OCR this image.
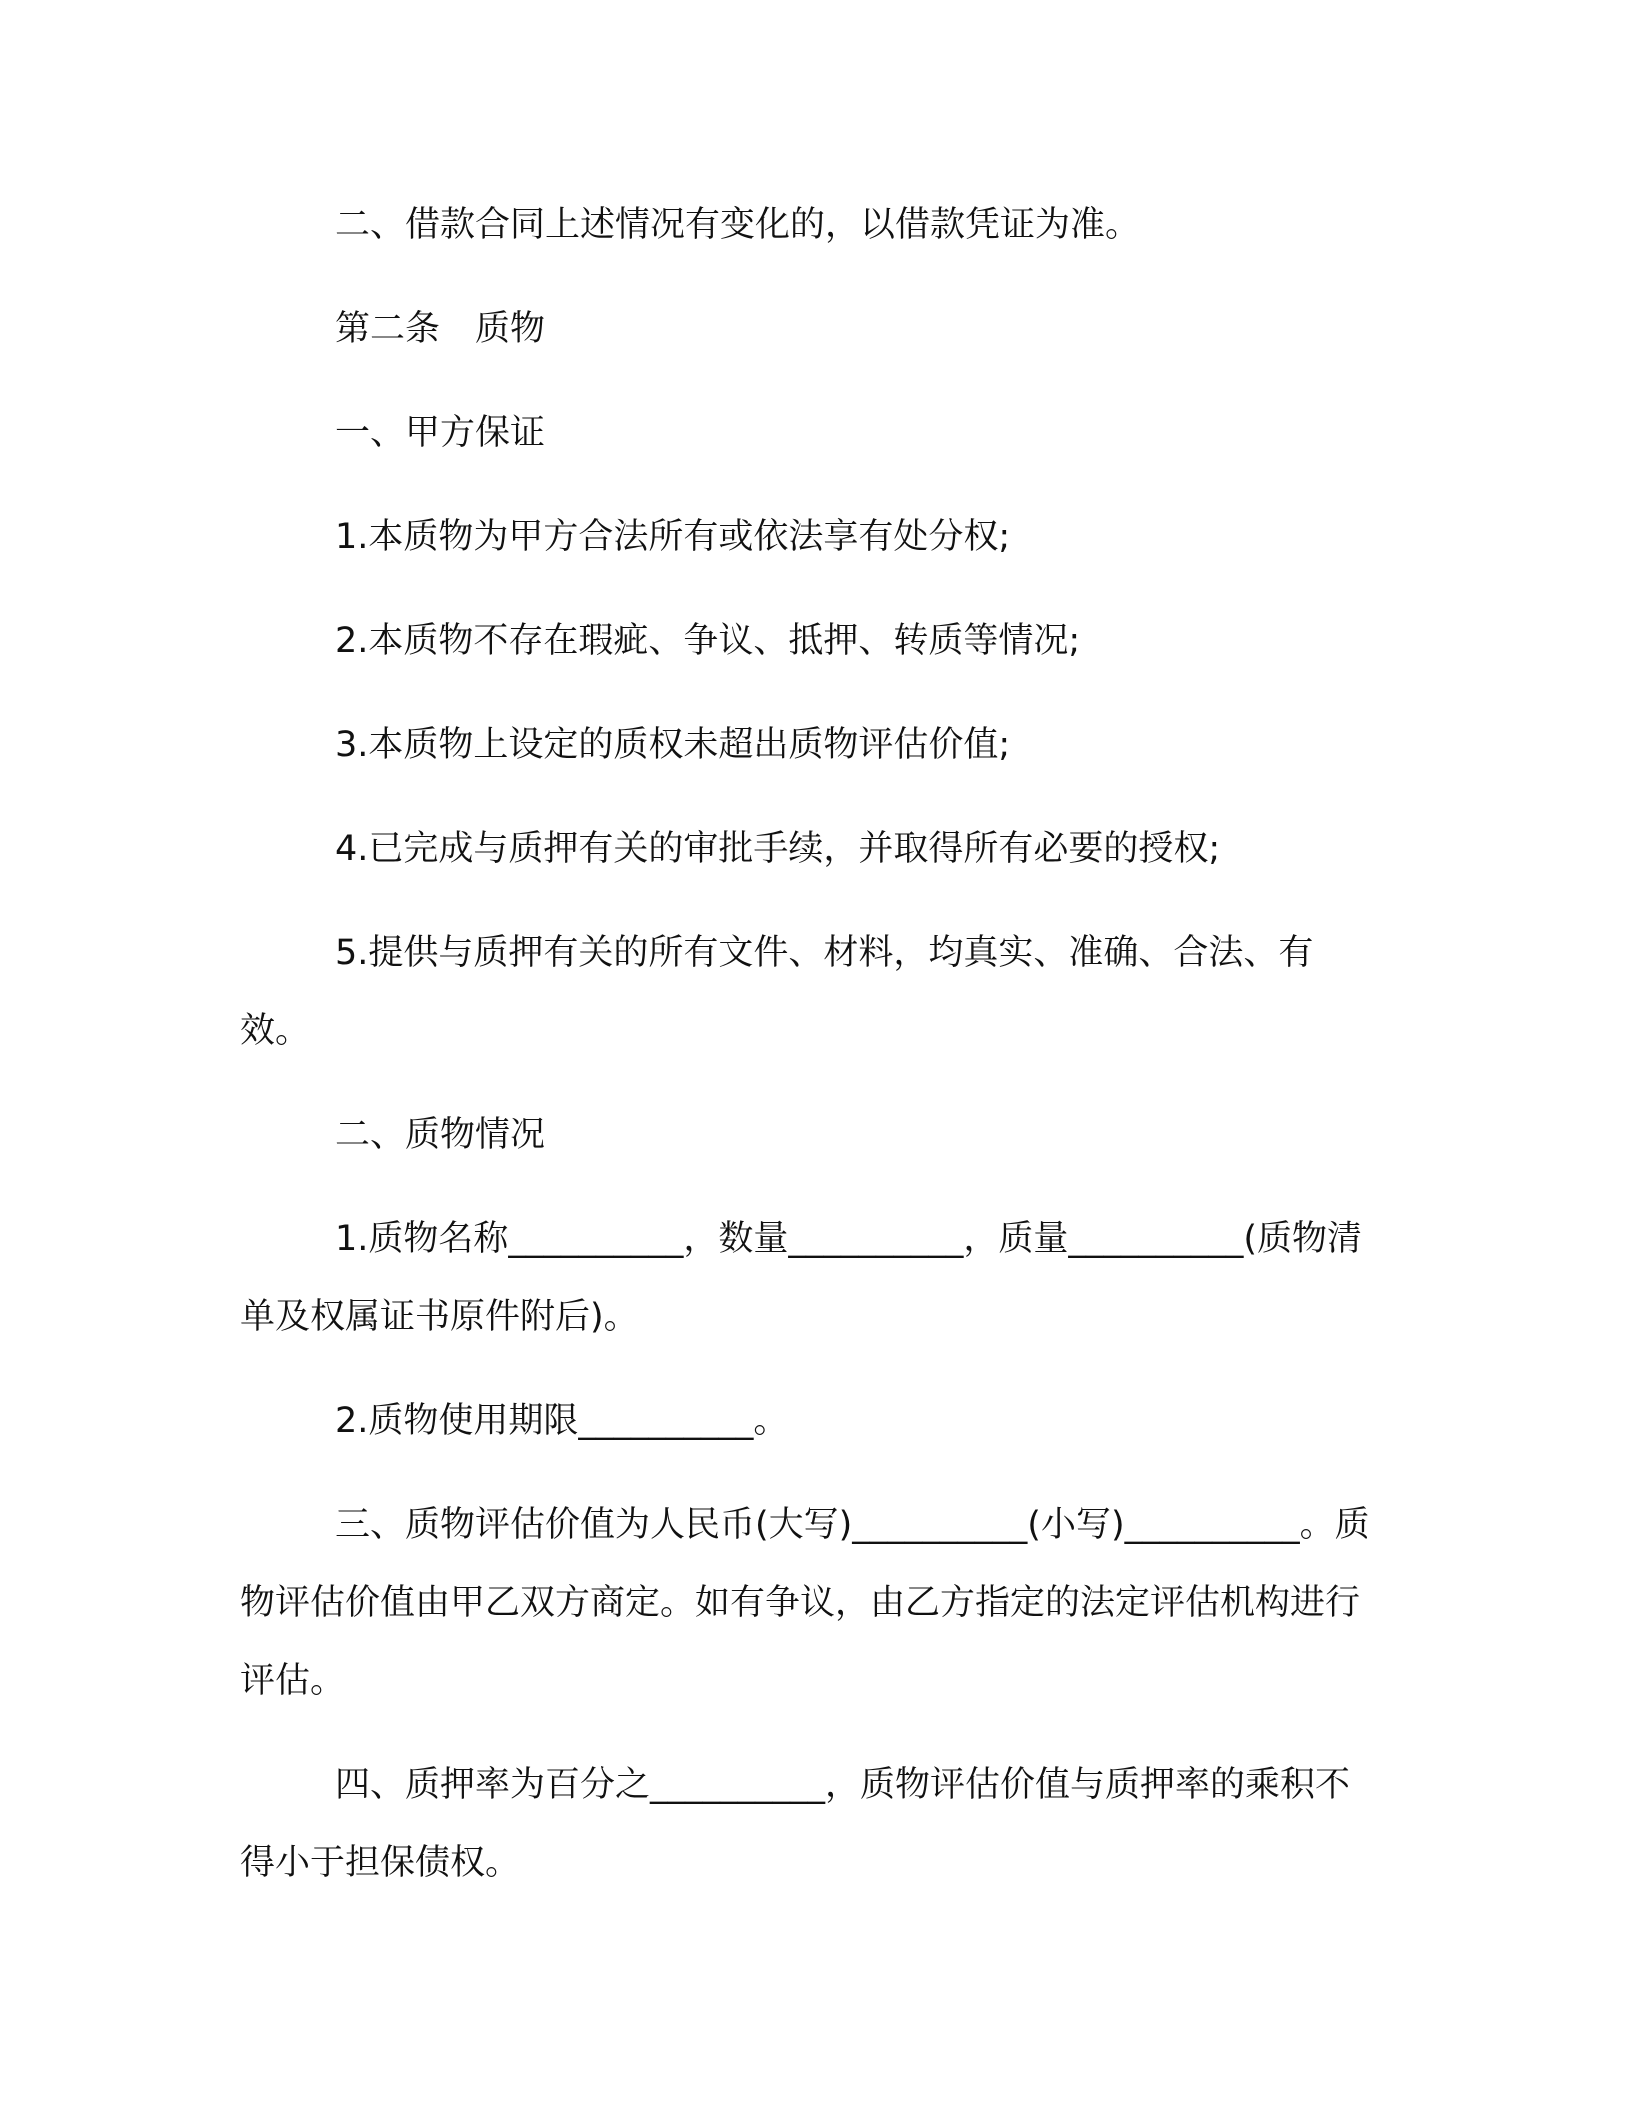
二、借款合同上述情况有变化的，以借款凭证为准。

第二条　质物

一、甲方保证

1.本质物为甲方合法所有或依法享有处分权;

2.本质物不存在瑕疵、争议、抵押、转质等情况;

3.本质物上设定的质权未超出质物评估价值;

4.已完成与质押有关的审批手续，并取得所有必要的授权;

5.提供与质押有关的所有文件、材料，均真实、准确、合法、有效。

二、质物情况

1.质物名称__________，数量__________，质量__________(质物清单及权属证书原件附后)。

2.质物使用期限__________。

三、质物评估价值为人民币(大写)__________(小写)__________。质物评估价值由甲乙双方商定。如有争议，由乙方指定的法定评估机构进行评估。

四、质押率为百分之__________，质物评估价值与质押率的乘积不得小于担保债权。
